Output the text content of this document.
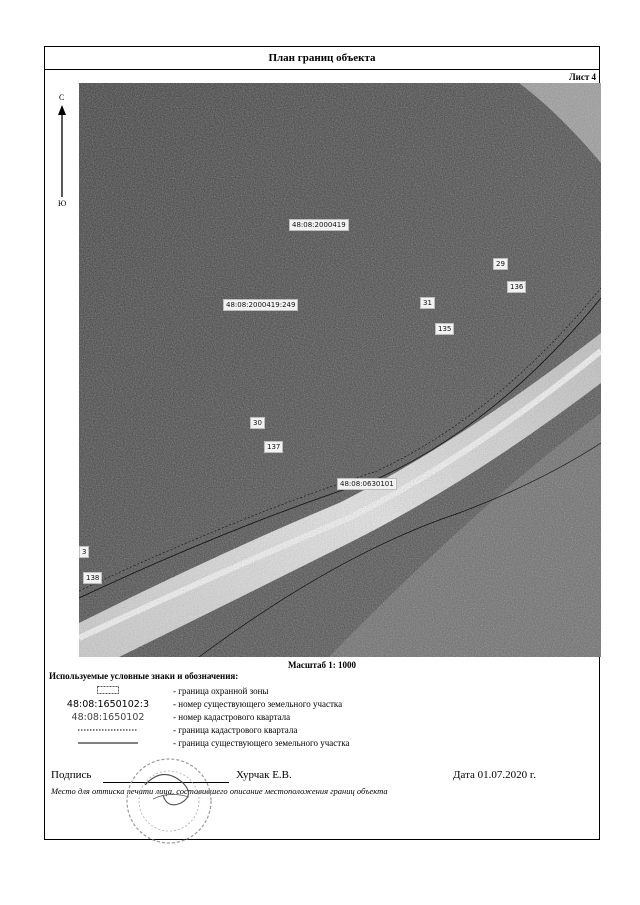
План границ объекта
Лист 4
С
Ю
48:08:2000419
48:08:2000419:249
48:08:0630101
29
136
31
135
30
137
138
3
Масштаб 1: 1000
Используемые условные знаки и обозначения:
- граница охранной зоны
48:08:1650102:3	- номер существующего земельного участка
48:08:1650102	- номер кадастрового квартала
- граница кадастрового квартала
- граница существующего земельного участка
Подпись	Хурчак Е.В.	Дата 01.07.2020 г.
Место для оттиска печати лица, составившего описание местоположения границ объекта
